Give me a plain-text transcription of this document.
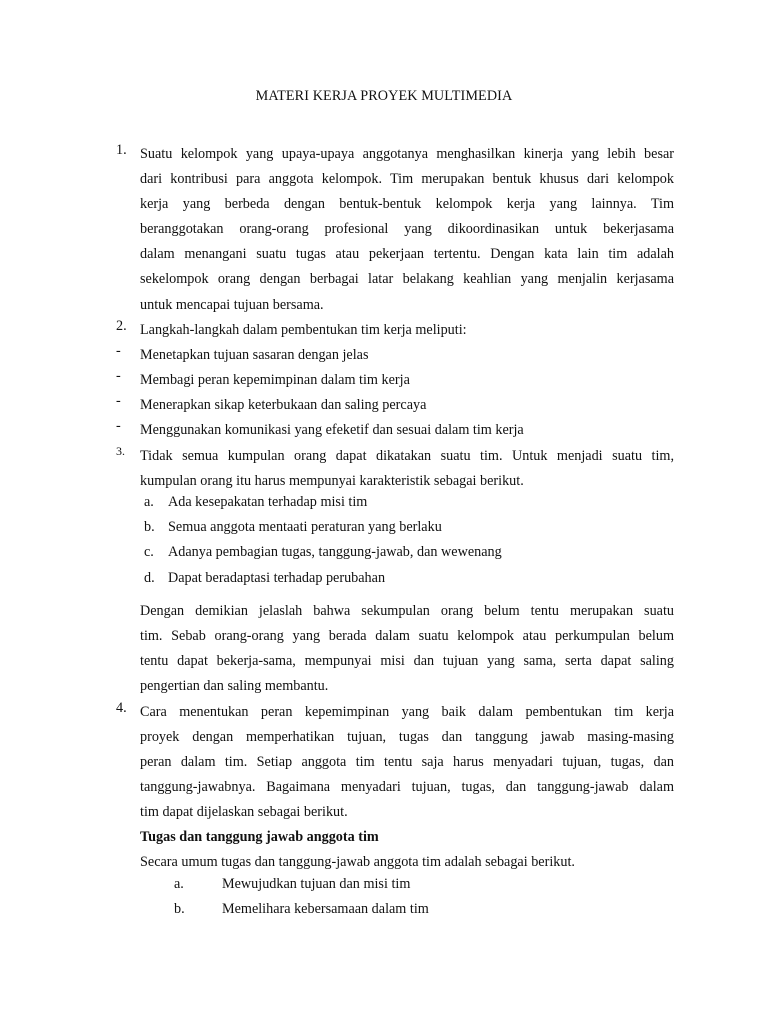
MATERI KERJA PROYEK MULTIMEDIA
1. Suatu kelompok yang upaya-upaya anggotanya menghasilkan kinerja yang lebih besar
dari kontribusi para anggota kelompok. Tim merupakan bentuk khusus dari kelompok
kerja yang berbeda dengan bentuk-bentuk kelompok kerja yang lainnya. Tim
beranggotakan orang-orang profesional yang dikoordinasikan untuk bekerjasama
dalam menangani suatu tugas atau pekerjaan tertentu. Dengan kata lain tim adalah
sekelompok orang dengan berbagai latar belakang keahlian yang menjalin kerjasama
untuk mencapai tujuan bersama.
2. Langkah-langkah dalam pembentukan tim kerja meliputi:
- Menetapkan tujuan sasaran dengan jelas
- Membagi peran kepemimpinan dalam tim kerja
- Menerapkan sikap keterbukaan dan saling percaya
- Menggunakan komunikasi yang efeketif dan sesuai dalam tim kerja
3. Tidak semua kumpulan orang dapat dikatakan suatu tim. Untuk menjadi suatu tim,
kumpulan orang itu harus mempunyai karakteristik sebagai berikut.
a. Ada kesepakatan terhadap misi tim
b. Semua anggota mentaati peraturan yang berlaku
c. Adanya pembagian tugas, tanggung-jawab, dan wewenang
d. Dapat beradaptasi terhadap perubahan
Dengan demikian jelaslah bahwa sekumpulan orang belum tentu merupakan suatu
tim. Sebab orang-orang yang berada dalam suatu kelompok atau perkumpulan belum
tentu dapat bekerja-sama, mempunyai misi dan tujuan yang sama, serta dapat saling
pengertian dan saling membantu.
4. Cara menentukan peran kepemimpinan yang baik dalam pembentukan tim kerja
proyek dengan memperhatikan tujuan, tugas dan tanggung jawab masing-masing
peran dalam tim. Setiap anggota tim tentu saja harus menyadari tujuan, tugas, dan
tanggung-jawabnya. Bagaimana menyadari tujuan, tugas, dan tanggung-jawab dalam
tim dapat dijelaskan sebagai berikut.
Tugas dan tanggung jawab anggota tim
Secara umum tugas dan tanggung-jawab anggota tim adalah sebagai berikut.
a.	Mewujudkan tujuan dan misi tim
b.	Memelihara kebersamaan dalam tim
